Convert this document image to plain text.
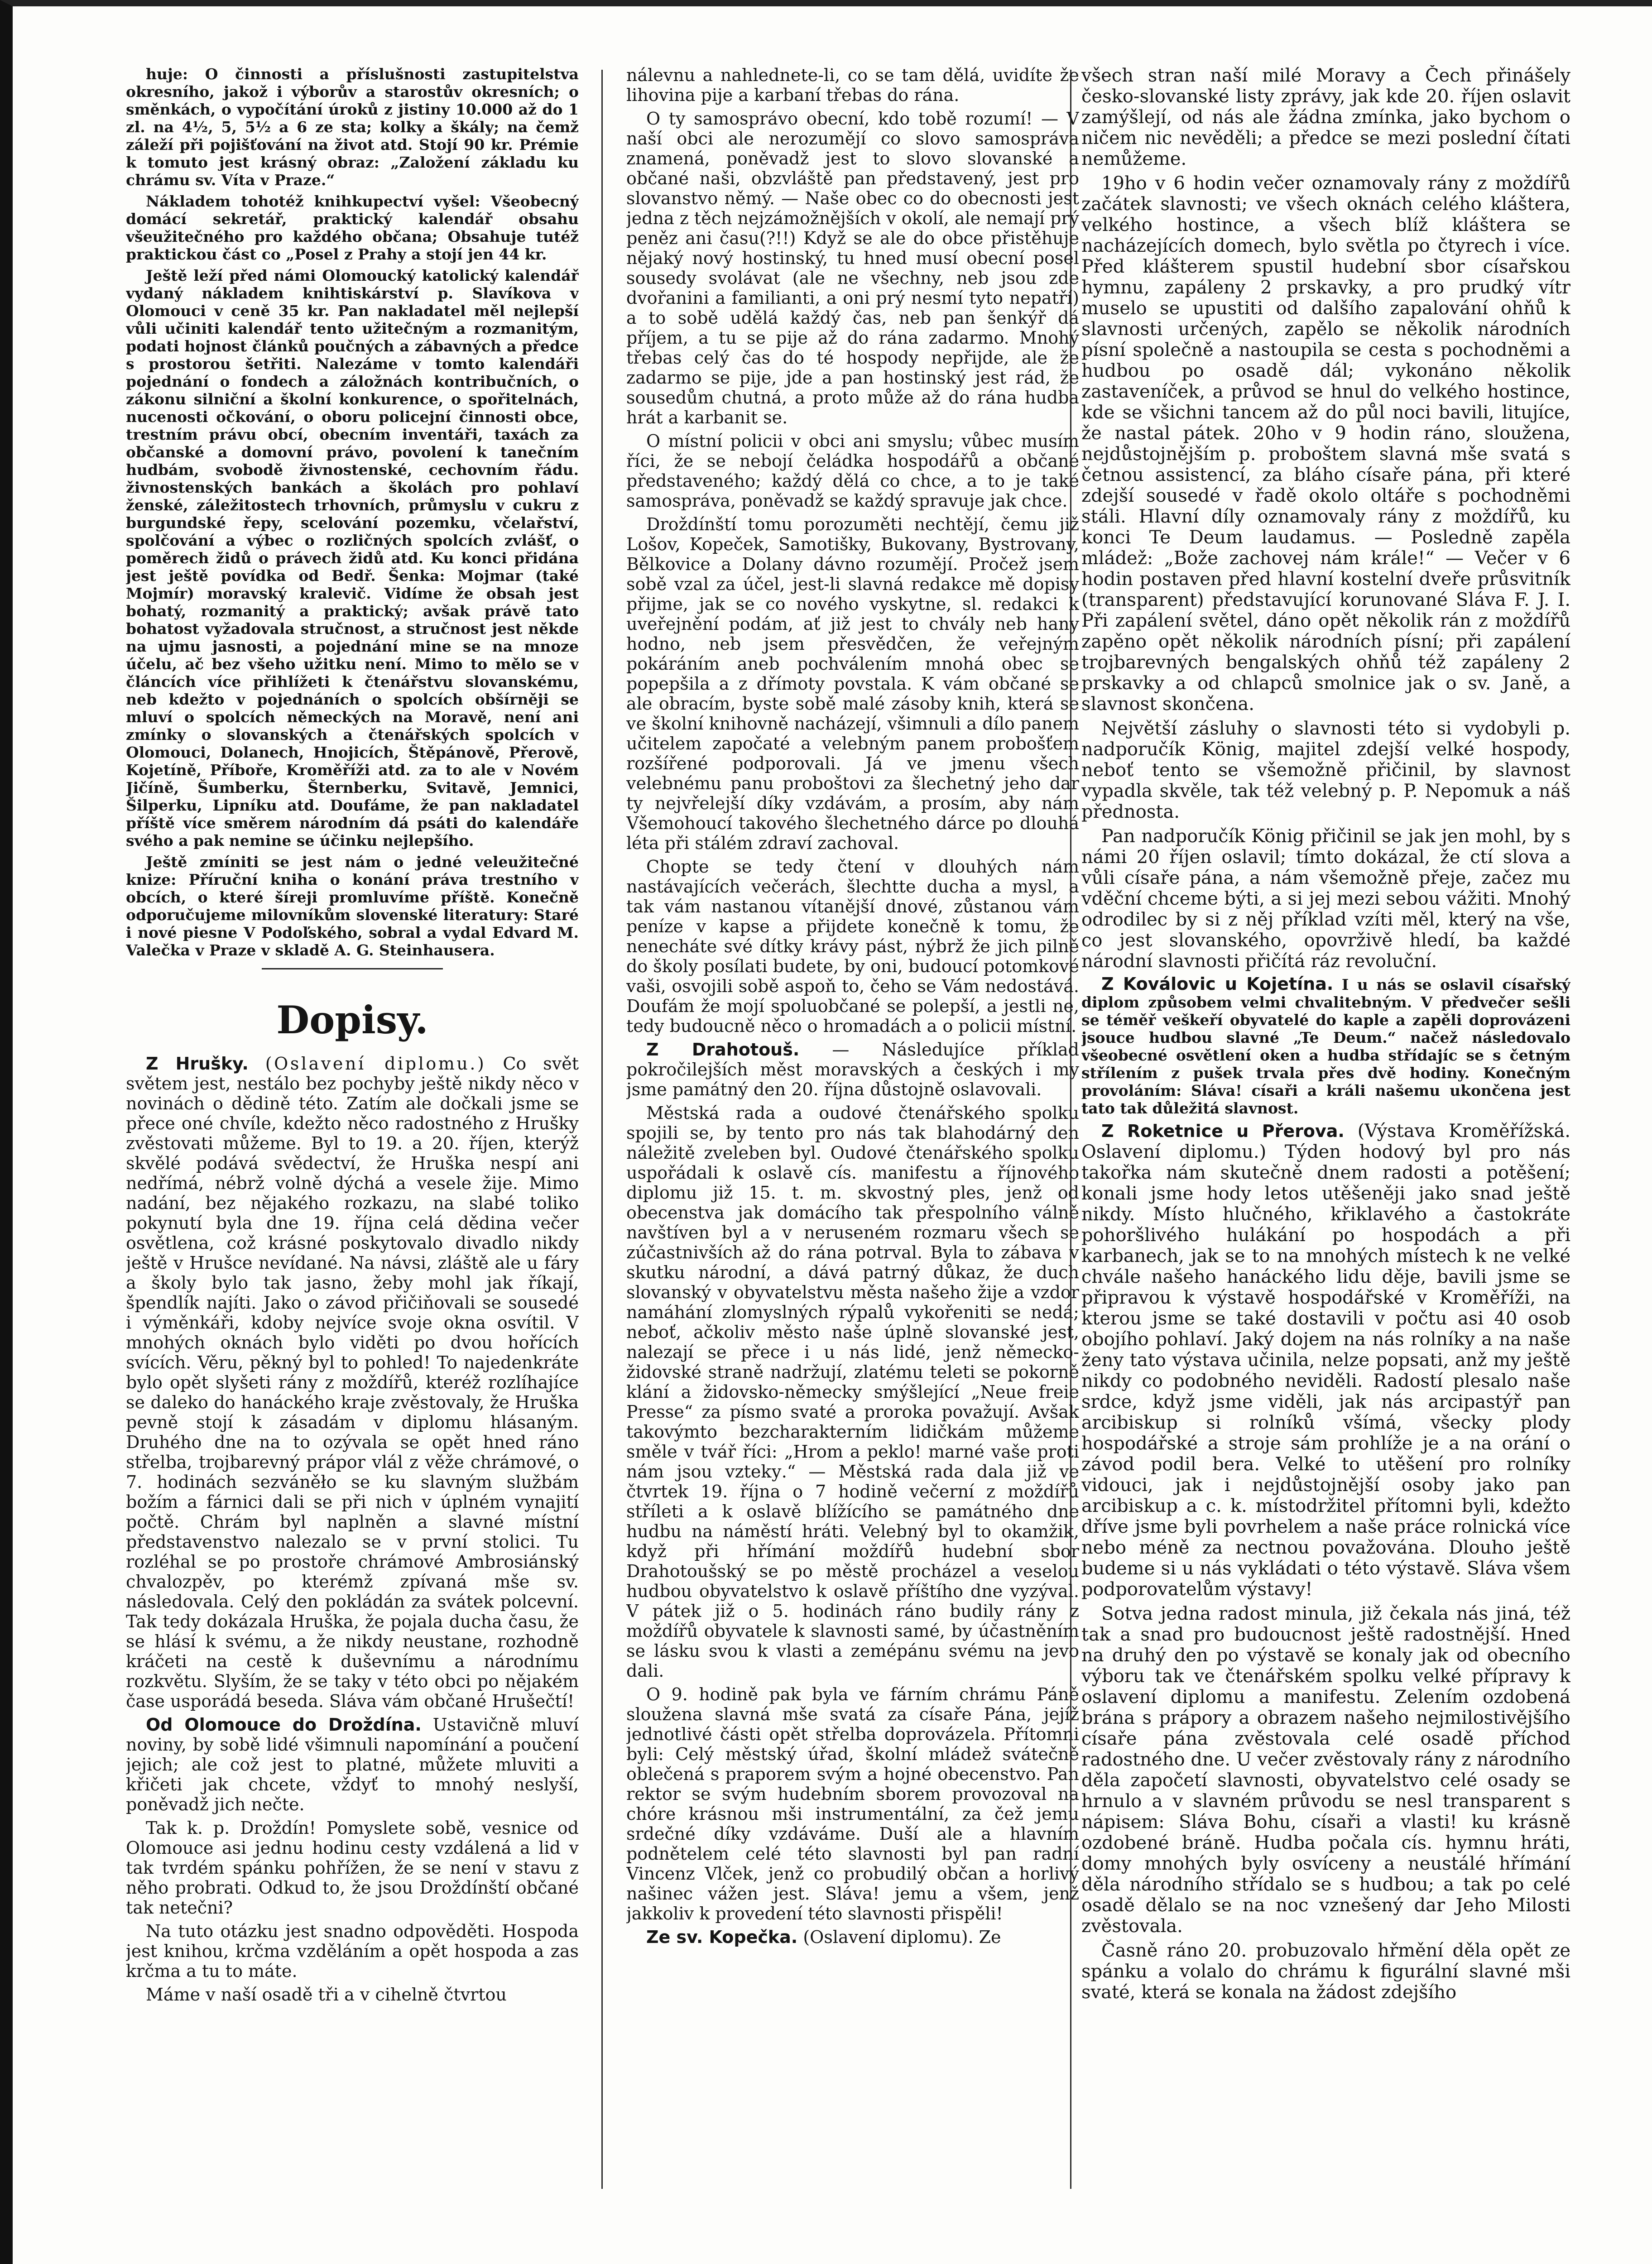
huje: O činnosti a příslušnosti zastupitelstva okresního, jakož i výborův a starostův okresních; o směnkách, o vypočítání úroků z jistiny 10.000 až do 1 zl. na 4½, 5, 5½ a 6 ze sta; kolky a škály; na čemž záleží při pojišťování na život atd. Stojí 90 kr. Prémie k tomuto jest krásný obraz: „Založení základu ku chrámu sv. Víta v Praze.“

Nákladem tohotéž knihkupectví vyšel: Všeobecný domácí sekretář, praktický kalendář obsahu všeužitečného pro každého občana; Obsahuje tutéž praktickou část co „Posel z Prahy a stojí jen 44 kr.

Ještě leží před námi Olomoucký katolický kalendář vydaný nákladem knihtiskárství p. Slavíkova v Olomouci v ceně 35 kr. Pan nakladatel měl nejlepší vůli učiniti kalendář tento užitečným a rozmanitým, podati hojnost článků poučných a zábavných a předce s prostorou šetřiti. Nalezáme v tomto kalendáři pojednání o fondech a záložnách kontribučních, o zákonu silniční a školní konkurence, o spořitelnách, nucenosti očkování, o oboru policejní činnosti obce, trestním právu obcí, obecním inventáři, taxách za občanské a domovní právo, povolení k tanečním hudbám, svobodě živnostenské, cechovním řádu. živnostenských bankách a školách pro pohlaví ženské, záležitostech trhovních, průmyslu v cukru z burgundské řepy, scelování pozemku, včelařství, spolčování a výbec o rozličných spolcích zvlášť, o poměrech židů o právech židů atd. Ku konci přidána jest ještě povídka od Bedř. Šenka: Mojmar (také Mojmír) moravský kralevič. Vidíme že obsah jest bohatý, rozmanitý a praktický; avšak právě tato bohatost vyžadovala stručnost, a stručnost jest někde na ujmu jasnosti, a pojednání mine se na mnoze účelu, ač bez všeho užitku není. Mimo to mělo se v článcích více přihlížeti k čtenářstvu slovanskému, neb kdežto v pojednáních o spolcích obšírněji se mluví o spolcích německých na Moravě, není ani zmínky o slovanských a čtenářských spolcích v Olomouci, Dolanech, Hnojicích, Štěpánově, Přerově, Kojetíně, Příboře, Kroměříži atd. za to ale v Novém Jičíně, Šumberku, Šternberku, Svitavě, Jemnici, Šilperku, Lipníku atd. Doufáme, že pan nakladatel příště více směrem národním dá psáti do kalendáře svého a pak nemine se účinku nejlepšího.

Ještě zmíniti se jest nám o jedné veleužitečné knize: Příruční kniha o konání práva trestního v obcích, o které šíreji promluvíme příště. Konečně odporučujeme milovníkům slovenské literatury: Staré i nové piesne V Podoľského, sobral a vydal Edvard M. Valečka v Praze v skladě A. G. Steinhausera.

Dopisy.

Z Hrušky. (Oslavení diplomu.) Co svět světem jest, nestálo bez pochyby ještě nikdy něco v novinách o dědině této. Zatím ale dočkali jsme se přece oné chvíle, kdežto něco radostného z Hrušky zvěstovati můžeme. Byl to 19. a 20. říjen, kterýž skvělé podává svědectví, že Hruška nespí ani nedřímá, nébrž volně dýchá a vesele žije. Mimo nadání, bez nějakého rozkazu, na slabé toliko pokynutí byla dne 19. října celá dědina večer osvětlena, což krásné poskytovalo divadlo nikdy ještě v Hrušce nevídané. Na návsi, zláště ale u fáry a školy bylo tak jasno, žeby mohl jak říkají, špendlík najíti. Jako o závod přičiňovali se sousedé i výměnkáři, kdoby nejvíce svoje okna osvítil. V mnohých oknách bylo viděti po dvou hořících svících. Věru, pěkný byl to pohled! To najedenkráte bylo opět slyšeti rány z moždířů, kteréž rozlíhajíce se daleko do hanáckého kraje zvěstovaly, že Hruška pevně stojí k zásadám v diplomu hlásaným. Druhého dne na to ozývala se opět hned ráno střelba, trojbarevný prápor vlál z věže chrámové, o 7. hodinách sezváněło se ku slavným službám božím a fárnici dali se při nich v úplném vynajití počtě. Chrám byl naplněn a slavné místní představenstvo nalezalo se v první stolici. Tu rozléhal se po prostoře chrámové Ambrosiánský chvalozpěv, po kterémž zpívaná mše sv. následovala. Celý den pokládán za svátek polcevní. Tak tedy dokázala Hruška, že pojala ducha času, že se hlásí k svému, a že nikdy neustane, rozhodně kráčeti na cestě k duševnímu a národnímu rozkvětu. Slyším, že se taky v této obci po nějakém čase usporádá beseda. Sláva vám občané Hrušečtí!

Od Olomouce do Droždína. Ustavičně mluví noviny, by sobě lidé všimnuli napomínání a poučení jejich; ale což jest to platné, můžete mluviti a křičeti jak chcete, vždyť to mnohý neslyší, poněvadž jich nečte.

Tak k. p. Droždín! Pomyslete sobě, vesnice od Olomouce asi jednu hodinu cesty vzdálená a lid v tak tvrdém spánku pohřížen, že se není v stavu z něho probrati. Odkud to, že jsou Droždínští občané tak netečni?

Na tuto otázku jest snadno odpověděti. Hospoda jest knihou, krčma vzděláním a opět hospoda a zas krčma a tu to máte.

Máme v naší osadě tři a v cihelně čtvrtou

nálevnu a nahlednete-li, co se tam dělá, uvidíte že lihovina pije a karbaní třebas do rána.

O ty samosprávo obecní, kdo tobě rozumí! — V naší obci ale nerozumějí co slovo samospráva znamená, poněvadž jest to slovo slovanské a občané naši, obzvláště pan představený, jest pro slovanstvo němý. — Naše obec co do obecnosti jest jedna z těch nejzámožnějších v okolí, ale nemají prý peněz ani času(?!!) Když se ale do obce přistěhuje nějaký nový hostinský, tu hned musí obecní posel sousedy svolávat (ale ne všechny, neb jsou zde dvořanini a familianti, a oni prý nesmí tyto nepatří) a to sobě udělá každý čas, neb pan šenkýř dá příjem, a tu se pije až do rána zadarmo. Mnohý třebas celý čas do té hospody nepřijde, ale že zadarmo se pije, jde a pan hostinský jest rád, že sousedům chutná, a proto může až do rána hudba hrát a karbanit se.

O místní policii v obci ani smyslu; vůbec musím říci, že se nebojí čeládka hospodářů a občané představeného; každý dělá co chce, a to je také samospráva, poněvadž se každý spravuje jak chce.

Droždínští tomu porozuměti nechtějí, čemu již Lošov, Kopeček, Samotišky, Bukovany, Bystrovany, Bělkovice a Dolany dávno rozumějí. Pročež jsem sobě vzal za účel, jest-li slavná redakce mě dopisy přijme, jak se co nového vyskytne, sl. redakci k uveřejnění podám, ať již jest to chvály neb hany hodno, neb jsem přesvědčen, že veřejným pokáráním aneb pochválením mnohá obec se popepšila a z dřímoty povstala. K vám občané se ale obracím, byste sobě malé zásoby knih, která se ve školní knihovně nacházejí, všimnuli a dílo panem učitelem započaté a velebným panem probošťem rozšířené podporovali. Já ve jmenu všech velebnému panu proboštovi za šlechetný jeho dar ty nejvřelejší díky vzdávám, a prosím, aby nám Všemohoucí takového šlechetného dárce po dlouhá léta při stálém zdraví zachoval.

Chopte se tedy čtení v dlouhých nám nastávajících večerách, šlechtte ducha a mysl, a tak vám nastanou vítanější dnové, zůstanou vám peníze v kapse a přijdete konečně k tomu, že nenecháte své dítky krávy pást, nýbrž že jich pilně do školy posílati budete, by oni, budoucí potomkové vaši, osvojili sobě aspoň to, čeho se Vám nedostává. Doufám že mojí spoluobčané se polepší, a jestli ne, tedy budoucně něco o hromadách a o policii místní.

Z Drahotouš. — Následujíce příklad pokročilejších měst moravských a českých i my jsme památný den 20. října důstojně oslavovali.

Městská rada a oudové čtenářského spolku spojili se, by tento pro nás tak blahodárný den náležitě zveleben byl. Oudové čtenářského spolku uspořádali k oslavě cís. manifestu a říjnového diplomu již 15. t. m. skvostný ples, jenž od obecenstva jak domácího tak přespolního válně navštíven byl a v neruseném rozmaru všech se zúčastnivších až do rána potrval. Byla to zábava v skutku národní, a dává patrný důkaz, že duch slovanský v obyvatelstvu města našeho žije a vzdor namáhání zlomyslných rýpalů vykořeniti se nedá; neboť, ačkoliv město naše úplně slovanské jest, nalezají se přece i u nás lidé, jenž německo-židovské straně nadržují, zlatému teleti se pokorně klání a židovsko-německy smýšlející „Neue freie Presse“ za písmo svaté a proroka považují. Avšak takovýmto bezcharakterním lidičkám můžeme směle v tvář říci: „Hrom a peklo! marné vaše proti nám jsou vztekу.“ — Městská rada dala již ve čtvrtek 19. října o 7 hodině večerní z moždířů stříleti a k oslavě blížícího se památného dne hudbu na náměstí hráti. Velebný byl to okamžik, když při hřímání moždířů hudební sbor Drahotoušský se po městě procházel a veselou hudbou obyvatelstvo k oslavě příštího dne vyzýval. V pátek již o 5. hodinách ráno budily rány z moždířů obyvatele k slavnosti samé, by účastněním se lásku svou k vlasti a zemépánu svému na jevo dali.

O 9. hodině pak byla ve fárním chrámu Páně sloužena slavná mše svatá za císaře Pána, jejíž jednotlivé části opět střelba doprovázela. Přítomni byli: Celý městský úřad, školní mládež svátečně oblečená s praporem svým a hojné obecenstvo. Pan rektor se svým hudebním sborem provozoval na chóre krásnou mši instrumentální, za čež jemu srdečné díky vzdáváme. Duší ale a hlavním podnětelem celé této slavnosti byl pan radní Vincenz Vlček, jenž co probudilý občan a horlivý našinec vážen jest. Sláva! jemu a všem, jenž jakkoliv k provedení této slavnosti přispěli!

Ze sv. Kopečka. (Oslavení diplomu). Ze

všech stran naší milé Moravy a Čech přinášely česko-slovanské listy zprávy, jak kde 20. říjen oslavit zamýšlejí, od nás ale žádna zmínka, jako bychom o ničem nic nevěděli; a předce se mezi poslední čítati nemůžeme.

19ho v 6 hodin večer oznamovaly rány z moždířů začátek slavnosti; ve všech oknách celého kláštera, velkého hostince, a všech blíž kláštera se nacházejících domech, bylo světla po čtyrech i více. Před klášterem spustil hudební sbor císařskou hymnu, zapáleny 2 prskavky, a pro prudký vítr muselo se upustiti od dalšího zapalování ohňů k slavnosti určených, zapělo se několik národních písní společně a nastoupila se cesta s pochodněmi a hudbou po osadě dál; vykonáno několik zastaveníček, a průvod se hnul do velkého hostince, kde se všichni tancem až do půl noci bavili, litujíce, že nastal pátek. 20ho v 9 hodin ráno, sloužena, nejdůstojnějším p. proboštem slavná mše svatá s četnou assistencí, za bláho císaře pána, při které zdejší sousedé v řadě okolo oltáře s pochodněmi stáli. Hlavní díly oznamovaly rány z moždířů, ku konci Te Deum laudamus. — Posledně zapěla mládež: „Bože zachovej nám krále!“ — Večer v 6 hodin postaven před hlavní kostelní dveře průsvitník (transparent) představující korunované Sláva F. J. I. Při zapálení světel, dáno opět několik rán z moždířů zapěno opět několik národních písní; při zapálení trojbarevných bengalských ohňů též zapáleny 2 prskavky a od chlapců smolnice jak o sv. Janě, a slavnost skončena.

Největší zásluhy o slavnosti této si vydobyli p. nadporučík König, majitel zdejší velké hospody, neboť tento se všemožně přičinil, by slavnost vypadla skvěle, tak též velebný p. P. Nepomuk a náš přednosta.

Pan nadporučík König přičinil se jak jen mohl, by s námi 20 říjen oslavil; tímto dokázal, že ctí slova a vůli císaře pána, a nám všemožně přeje, začez mu vděční chceme býti, a si jej mezi sebou vážiti. Mnohý odrodilec by si z něj příklad vzíti měl, který na vše, co jest slovanského, opovrživě hledí, ba každé národní slavnosti přičítá ráz revoluční.

Z Koválovic u Kojetína. I u nás se oslavil císařský diplom způsobem velmi chvalitebným. V předvečer sešli se téměř veškeří obyvatelé do kaple a zapěli doprovázeni jsouce hudbou slavné „Te Deum.“ načež následovalo všeobecné osvětlení oken a hudba střídajíc se s četným střílením z pušek trvala přes dvě hodiny. Konečným provoláním: Sláva! císaři a králi našemu ukončena jest tato tak důležitá slavnost.

Z Roketnice u Přerova. (Výstava Kroměřížská. Oslavení diplomu.) Týden hodový byl pro nás takořka nám skutečně dnem radosti a potěšení; konali jsme hody letos utěšeněji jako snad ještě nikdy. Místo hlučného, křiklavého a častokráte pohoršlivého hulákání po hospodách a při karbanech, jak se to na mnohých místech k ne velké chvále našeho hanáckého lidu děje, bavili jsme se připravou k výstavě hospodářské v Kroměříži, na kterou jsme se také dostavili v počtu asi 40 osob obojího pohlaví. Jaký dojem na nás rolníky a na naše ženy tato výstava učinila, nelze popsati, anž my ještě nikdy co podobného neviděli. Radostí plesalo naše srdce, když jsme viděli, jak nás arcipastýř pan arcibiskup si rolníků všímá, všecky plody hospodářské a stroje sám prohlíže je a na orání o závod podil bera. Velké to utěšení pro rolníky vidouci, jak i nejdůstojnější osoby jako pan arcibiskup a c. k. místodržitel přítomni byli, kdežto dříve jsme byli povrhelem a naše práce rolnická více nebo méně za nectnou považována. Dlouho ještě budeme si u nás vykládati o této výstavě. Sláva všem podporovatelům výstavy!

Sotva jedna radost minula, již čekala nás jiná, též tak a snad pro budoucnost ještě radostnější. Hned na druhý den po výstavě se konaly jak od obecního výboru tak ve čtenářském spolku velké přípravy k oslavení diplomu a manifestu. Zelením ozdobená brána s prápory a obrazem našeho nejmilostivějšího císaře pána zvěstovala celé osadě příchod radostného dne. U večer zvěstovaly rány z národního děla započetí slavnosti, obyvatelstvo celé osady se hrnulo a v slavném průvodu se nesl transparent s nápisem: Sláva Bohu, císaři a vlasti! ku krásně ozdobené bráně. Hudba počala cís. hymnu hráti, domy mnohých byly osvíceny a neustálé hřímání děla národního střídalo se s hudbou; a tak po celé osadě dělalo se na noc vznešený dar Jeho Milosti zvěstovala.

Časně ráno 20. probuzovalo hřmění děla opět ze spánku a volalo do chrámu k figurální slavné mši svaté, která se konala na žádost zdejšího
